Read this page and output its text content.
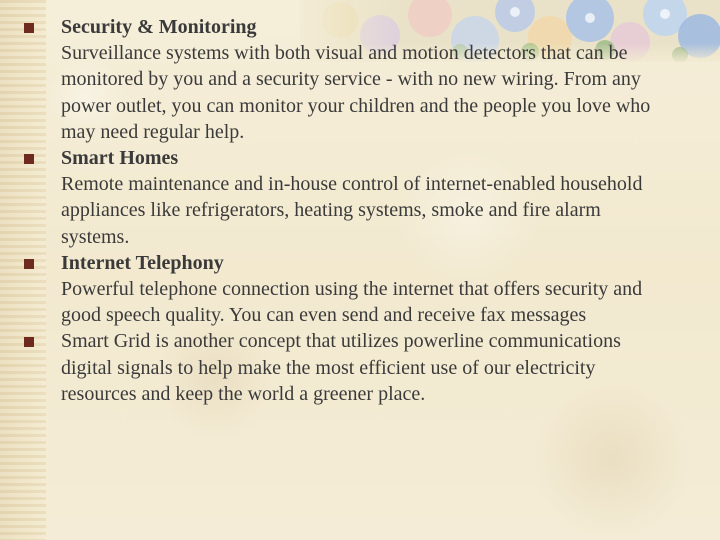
Security & Monitoring
Surveillance systems with both visual and motion detectors that can be monitored by you and a security service - with no new wiring. From any power outlet, you can monitor your children and the people you love who may need regular help.
Smart Homes
Remote maintenance and in-house control of internet-enabled household appliances like refrigerators, heating systems, smoke and fire alarm systems.
Internet Telephony
Powerful telephone connection using the internet that offers security and good speech quality. You can even send and receive fax messages
Smart Grid is another concept that utilizes powerline communications digital signals to help make the most efficient use of our electricity resources and keep the world a greener place.
